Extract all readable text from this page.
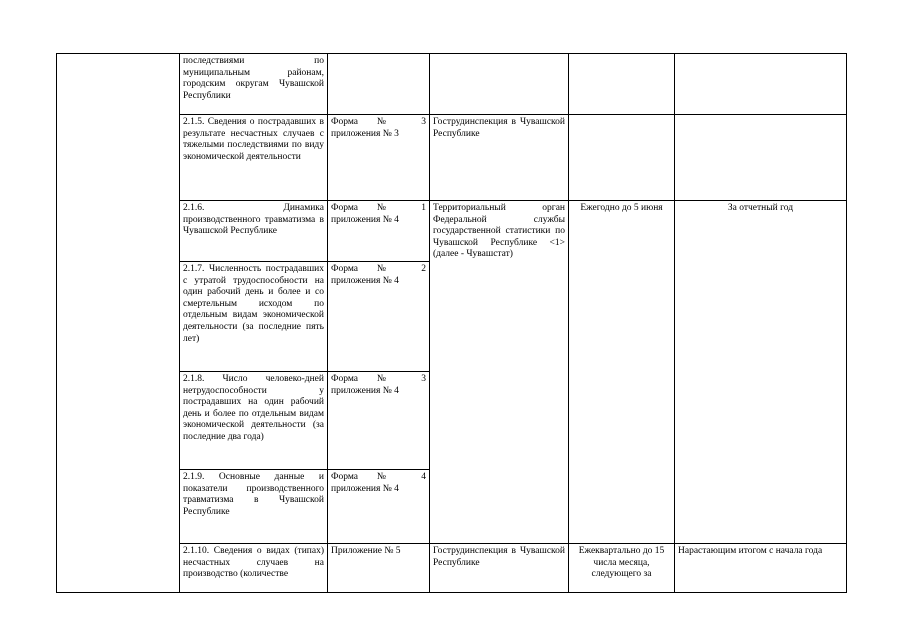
	последствиями по муниципальным районам, городским округам Чувашской Республики				
	2.1.5. Сведения о пострадавших в результате несчастных случаев с тяжелыми последствиями по виду экономической деятельности	Форма № 3 приложения № 3	Гострудинспекция в Чувашской Республике		
	2.1.6. Динамика производственного травматизма в Чувашской Республике	Форма № 1 приложения № 4	Территориальный орган Федеральной службы государственной статистики по Чувашской Республике <1> (далее - Чувашстат)	Ежегодно до 5 июня	За отчетный год
	2.1.7. Численность пострадавших с утратой трудоспособности на один рабочий день и более и со смертельным исходом по отдельным видам экономической деятельности (за последние пять лет)	Форма № 2 приложения № 4			
	2.1.8. Число человеко-дней нетрудоспособности у пострадавших на один рабочий день и более по отдельным видам экономической деятельности (за последние два года)	Форма № 3 приложения № 4			
	2.1.9. Основные данные и показатели производственного травматизма в Чувашской Республике	Форма № 4 приложения № 4			
	2.1.10. Сведения о видах (типах) несчастных случаев на производство (количестве	Приложение № 5	Гострудинспекция в Чувашской Республике	Ежеквартально до 15 числа месяца, следующего за	Нарастающим итогом с начала года
